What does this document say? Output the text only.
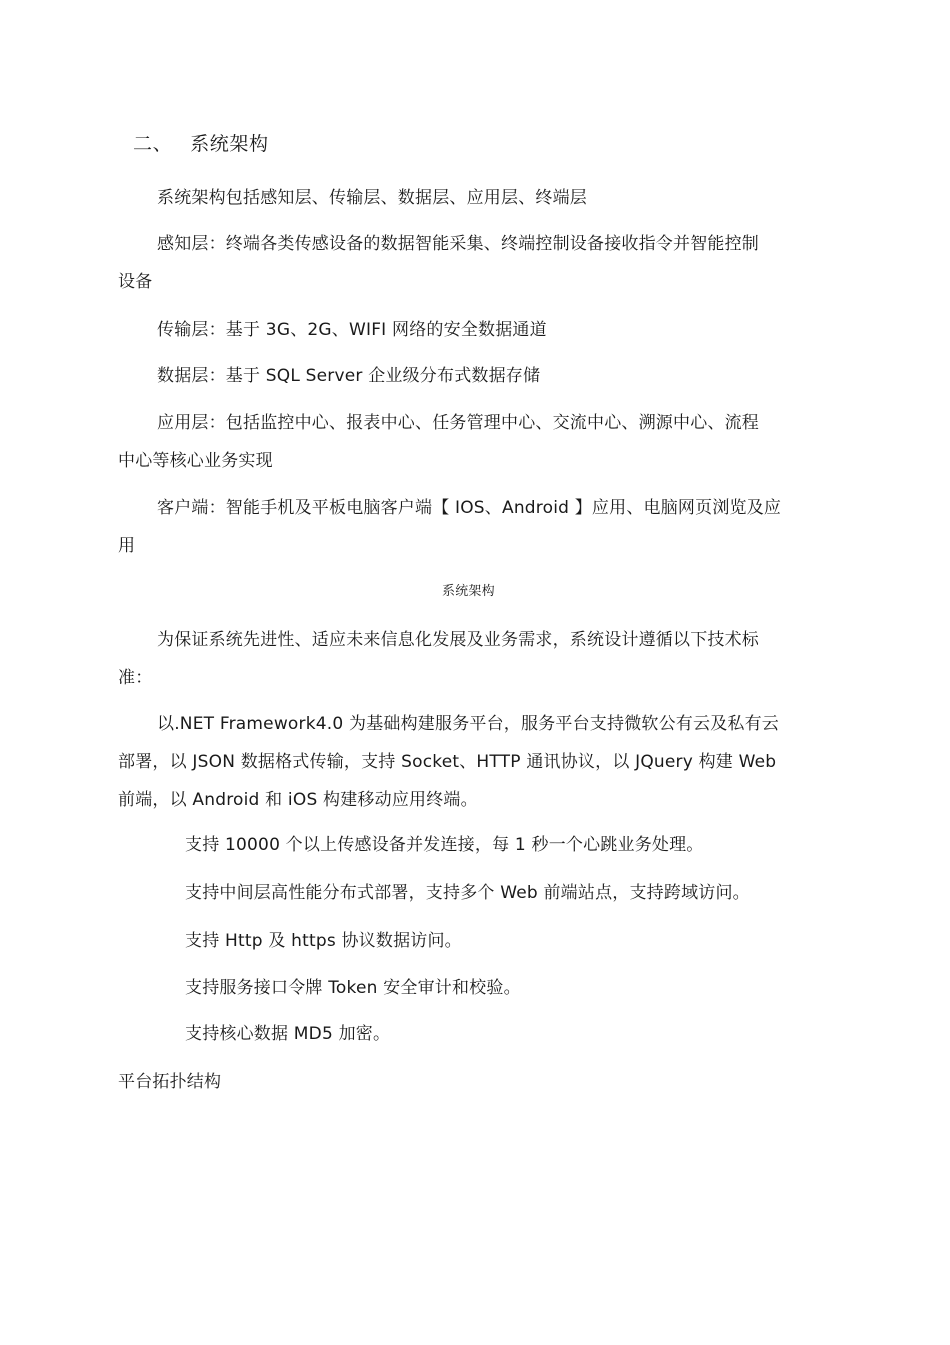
二、 系统架构
系统架构包括感知层、传输层、数据层、应用层、终端层
感知层：终端各类传感设备的数据智能采集、终端控制设备接收指令并智能控制
设备
传输层：基于 3G、2G、WIFI 网络的安全数据通道
数据层：基于 SQL Server 企业级分布式数据存储
应用层：包括监控中心、报表中心、任务管理中心、交流中心、溯源中心、流程
中心等核心业务实现
客户端：智能手机及平板电脑客户端【 IOS、Android 】应用、电脑网页浏览及应
用
系统架构
为保证系统先进性、适应未来信息化发展及业务需求，系统设计遵循以下技术标
准：
以.NET Framework4.0 为基础构建服务平台，服务平台支持微软公有云及私有云
部署，以 JSON 数据格式传输，支持 Socket、HTTP 通讯协议，以 JQuery 构建 Web
前端，以 Android 和 iOS 构建移动应用终端。
支持 10000 个以上传感设备并发连接，每 1 秒一个心跳业务处理。
支持中间层高性能分布式部署，支持多个 Web 前端站点，支持跨域访问。
支持 Http 及 https 协议数据访问。
支持服务接口令牌 Token 安全审计和校验。
支持核心数据 MD5 加密。
平台拓扑结构
